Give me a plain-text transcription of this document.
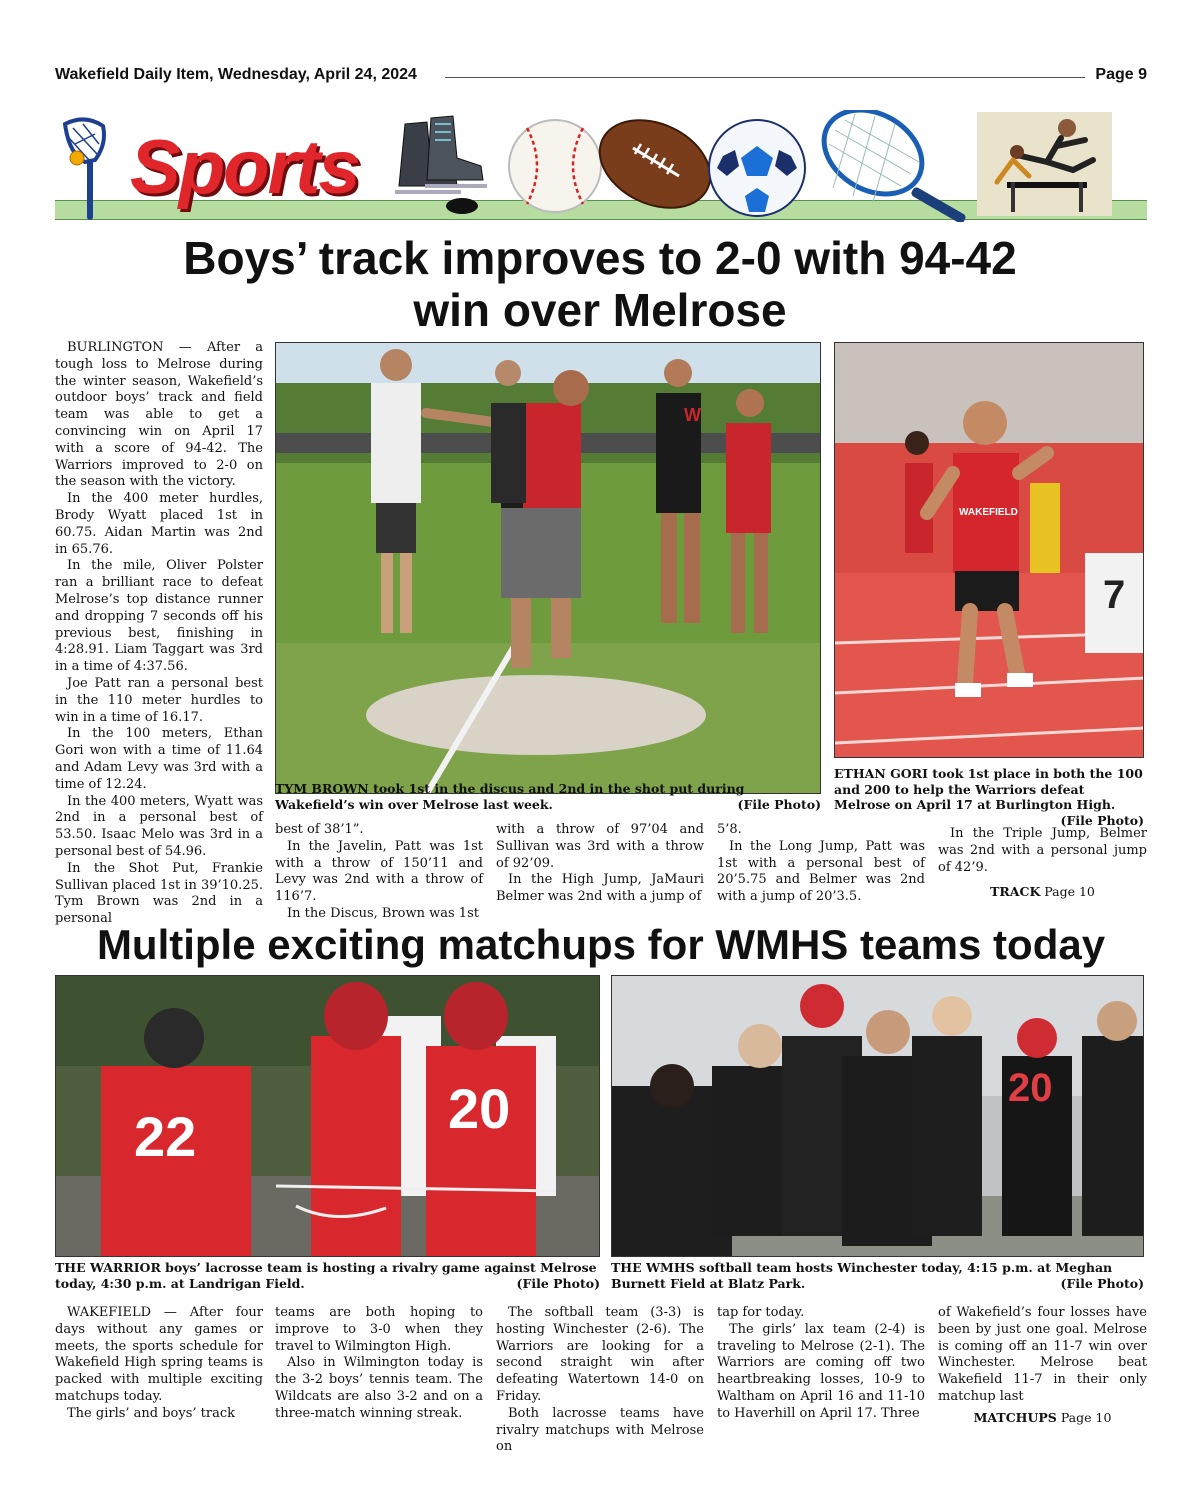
Wakefield Daily Item, Wednesday, April 24, 2024	Page 9
Sports
Boys’ track improves to 2-0 with 94-42 win over Melrose

BURLINGTON — After a tough loss to Melrose during the winter season, Wakefield’s outdoor boys’ track and field team was able to get a convincing win on April 17 with a score of 94-42. The Warriors improved to 2-0 on the season with the victory.

In the 400 meter hurdles, Brody Wyatt placed 1st in 60.75. Aidan Martin was 2nd in 65.76.

In the mile, Oliver Polster ran a brilliant race to defeat Melrose’s top distance runner and dropping 7 seconds off his previous best, finishing in 4:28.91. Liam Taggart was 3rd in a time of 4:37.56.

Joe Patt ran a personal best in the 110 meter hurdles to win in a time of 16.17.

In the 100 meters, Ethan Gori won with a time of 11.64 and Adam Levy was 3rd with a time of 12.24.

In the 400 meters, Wyatt was 2nd in a personal best of 53.50. Isaac Melo was 3rd in a personal best of 54.96.

In the Shot Put, Frankie Sullivan placed 1st in 39’10.25. Tym Brown was 2nd in a personal

W
TYM BROWN took 1st in the discus and 2nd in the shot put during Wakefield’s win over Melrose last week.	(File Photo)
WAKEFIELD
7
ETHAN GORI took 1st place in both the 100 and 200 to help the Warriors defeat Melrose on April 17 at Burlington High.
(File Photo)

best of 38’1”.

In the Javelin, Patt was 1st with a throw of 150’11 and Levy was 2nd with a throw of 116’7.

In the Discus, Brown was 1st

with a throw of 97’04 and Sullivan was 3rd with a throw of 92’09.

In the High Jump, JaMauri Belmer was 2nd with a jump of

5’8.

In the Long Jump, Patt was 1st with a personal best of 20’5.75 and Belmer was 2nd with a jump of 20’3.5.

In the Triple Jump, Belmer was 2nd with a personal jump of 42’9.

TRACK Page 10
Multiple exciting matchups for WMHS teams today
22	20
THE WARRIOR boys’ lacrosse team is hosting a rivalry game against Melrose today, 4:30 p.m. at Landrigan Field.	(File Photo)
20
THE WMHS softball team hosts Winchester today, 4:15 p.m. at Meghan Burnett Field at Blatz Park.	(File Photo)

WAKEFIELD — After four days without any games or meets, the sports schedule for Wakefield High spring teams is packed with multiple exciting matchups today.

The girls’ and boys’ track

teams are both hoping to improve to 3-0 when they travel to Wilmington High.

Also in Wilmington today is the 3-2 boys’ tennis team. The Wildcats are also 3-2 and on a three-match winning streak.

The softball team (3-3) is hosting Winchester (2-6). The Warriors are looking for a second straight win after defeating Watertown 14-0 on Friday.

Both lacrosse teams have rivalry matchups with Melrose on

tap for today.

The girls’ lax team (2-4) is traveling to Melrose (2-1). The Warriors are coming off two heartbreaking losses, 10-9 to Waltham on April 16 and 11-10 to Haverhill on April 17. Three

of Wakefield’s four losses have been by just one goal. Melrose is coming off an 11-7 win over Winchester. Melrose beat Wakefield 11-7 in their only matchup last

MATCHUPS Page 10
